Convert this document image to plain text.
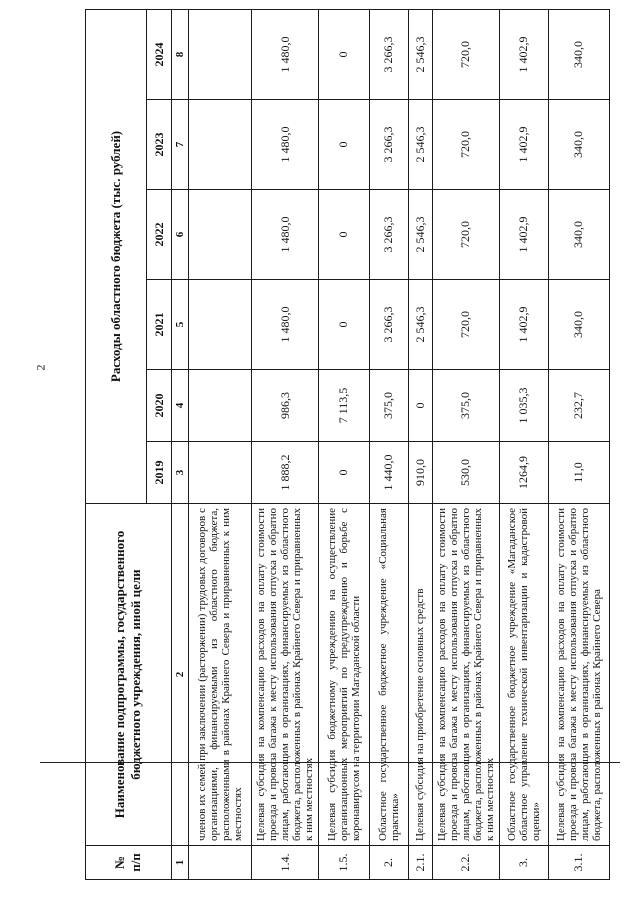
2
№ п/п	Наименование подпрограммы, государственного бюджетного учреждения, иной цели	Расходы областного бюджета (тыс. рублей)					
		2019	2020	2021	2022	2023	2024
1	2	3	4	5	6	7	8
	членов их семей при заключении (расторжении) трудовых договоров с организациями, финансируемыми из областного бюджета, расположенными в районах Крайнего Севера и приравненных к ним местностях						
1.4.	Целевая субсидия на компенсацию расходов на оплату стоимости проезда и провоза багажа к месту использования отпуска и обратно лицам, работающим в организациях, финансируемых из областного бюджета, расположенных в районах Крайнего Севера и приравненных к ним местностях	1 888,2	986,3	1 480,0	1 480,0	1 480,0	1 480,0
1.5.	Целевая субсидия бюджетному учреждению на осуществление организационных мероприятий по предупреждению и борьбе с коронавирусом на территории Магаданской области	0	7 113,5	0	0	0	0
2.	Областное государственное бюджетное учреждение «Социальная практика»	1 440,0	375,0	3 266,3	3 266,3	3 266,3	3 266,3
2.1.	Целевая субсидия на приобретение основных средств	910,0	0	2 546,3	2 546,3	2 546,3	2 546,3
2.2.	Целевая субсидия на компенсацию расходов на оплату стоимости проезда и провоза багажа к месту использования отпуска и обратно лицам, работающим в организациях, финансируемых из областного бюджета, расположенных в районах Крайнего Севера и приравненных к ним местностях	530,0	375,0	720,0	720,0	720,0	720,0
3.	Областное государственное бюджетное учреждение «Магаданское областное управление технической инвентаризации и кадастровой оценки»	1264,9	1 035,3	1 402,9	1 402,9	1 402,9	1 402,9
3.1.	Целевая субсидия на компенсацию расходов на оплату стоимости проезда и провоза багажа к месту использования отпуска и обратно лицам, работающим в организациях, финансируемых из областного бюджета, расположенных в районах Крайнего Севера	11,0	232,7	340,0	340,0	340,0	340,0
